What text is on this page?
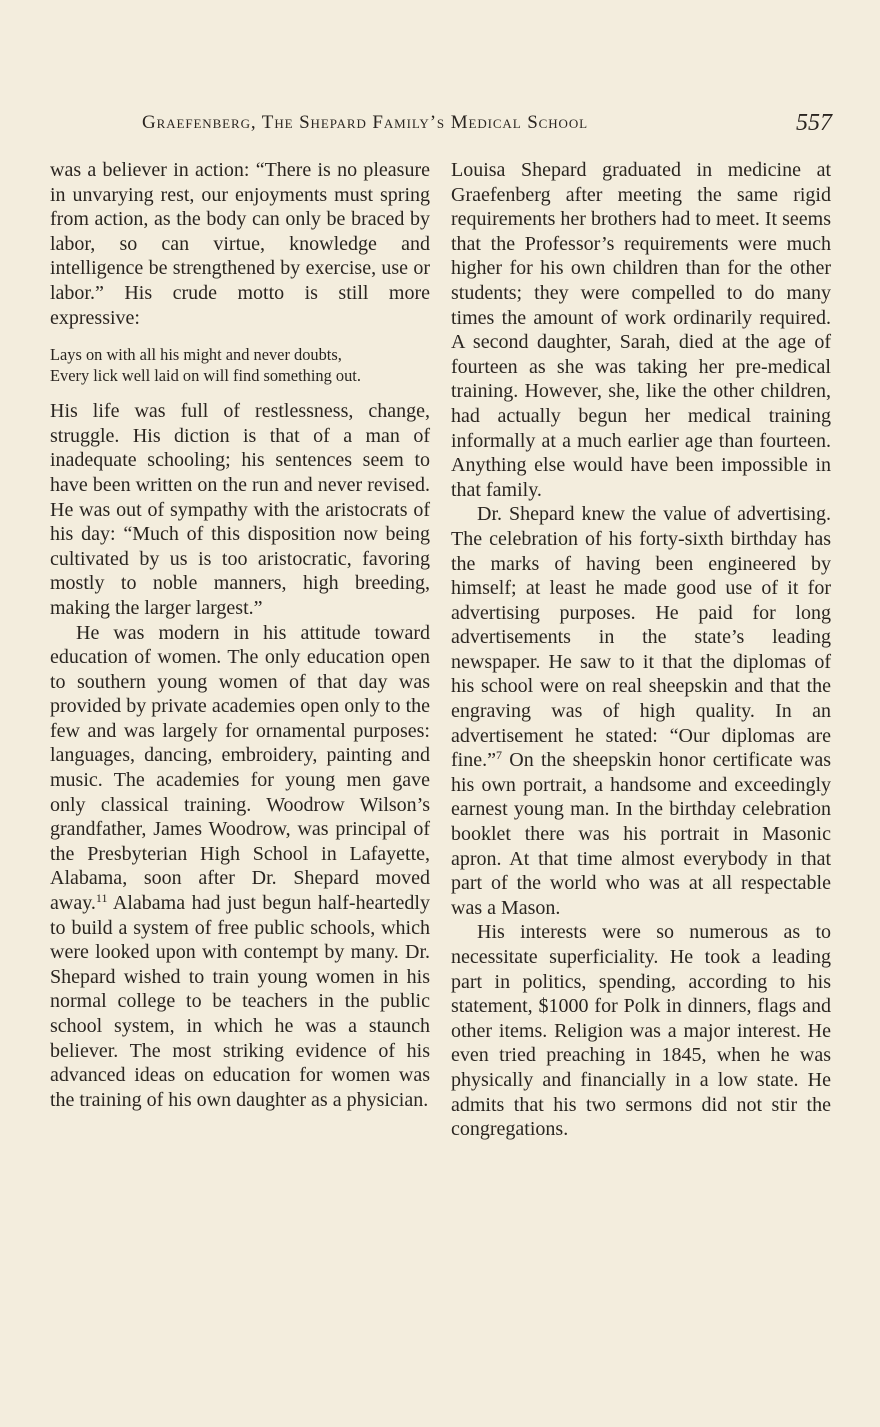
Graefenberg, The Shepard Family’s Medical School	557

was a believer in action: “There is no pleasure in unvarying rest, our enjoyments must spring from action, as the body can only be braced by labor, so can virtue, knowledge and intelligence be strengthened by exercise, use or labor.” His crude motto is still more expressive:

Lays on with all his might and never doubts,
Every lick well laid on will find something out.

His life was full of restlessness, change, struggle. His diction is that of a man of inadequate schooling; his sentences seem to have been written on the run and never revised. He was out of sympathy with the aristocrats of his day: “Much of this disposition now being cultivated by us is too aristocratic, favoring mostly to noble manners, high breeding, making the larger largest.”

He was modern in his attitude toward education of women. The only education open to southern young women of that day was provided by private academies open only to the few and was largely for ornamental purposes: languages, dancing, embroidery, painting and music. The academies for young men gave only classical training. Woodrow Wilson’s grandfather, James Woodrow, was principal of the Presbyterian High School in Lafayette, Alabama, soon after Dr. Shepard moved away.$^{11}$ Alabama had just begun half-heartedly to build a system of free public schools, which were looked upon with contempt by many. Dr. Shepard wished to train young women in his normal college to be teachers in the public school system, in which he was a staunch believer. The most striking evidence of his advanced ideas on education for women was the training of his own daughter as a physician.

Louisa Shepard graduated in medicine at Graefenberg after meeting the same rigid requirements her brothers had to meet. It seems that the Professor’s requirements were much higher for his own children than for the other students; they were compelled to do many times the amount of work ordinarily required. A second daughter, Sarah, died at the age of fourteen as she was taking her pre-medical training. However, she, like the other children, had actually begun her medical training informally at a much earlier age than fourteen. Anything else would have been impossible in that family.

Dr. Shepard knew the value of advertising. The celebration of his forty-sixth birthday has the marks of having been engineered by himself; at least he made good use of it for advertising purposes. He paid for long advertisements in the state’s leading newspaper. He saw to it that the diplomas of his school were on real sheepskin and that the engraving was of high quality. In an advertisement he stated: “Our diplomas are fine.”$^7$ On the sheepskin honor certificate was his own portrait, a handsome and exceedingly earnest young man. In the birthday celebration booklet there was his portrait in Masonic apron. At that time almost everybody in that part of the world who was at all respectable was a Mason.

His interests were so numerous as to necessitate superficiality. He took a leading part in politics, spending, according to his statement, $1000 for Polk in dinners, flags and other items. Religion was a major interest. He even tried preaching in 1845, when he was physically and financially in a low state. He admits that his two sermons did not stir the congregations.
